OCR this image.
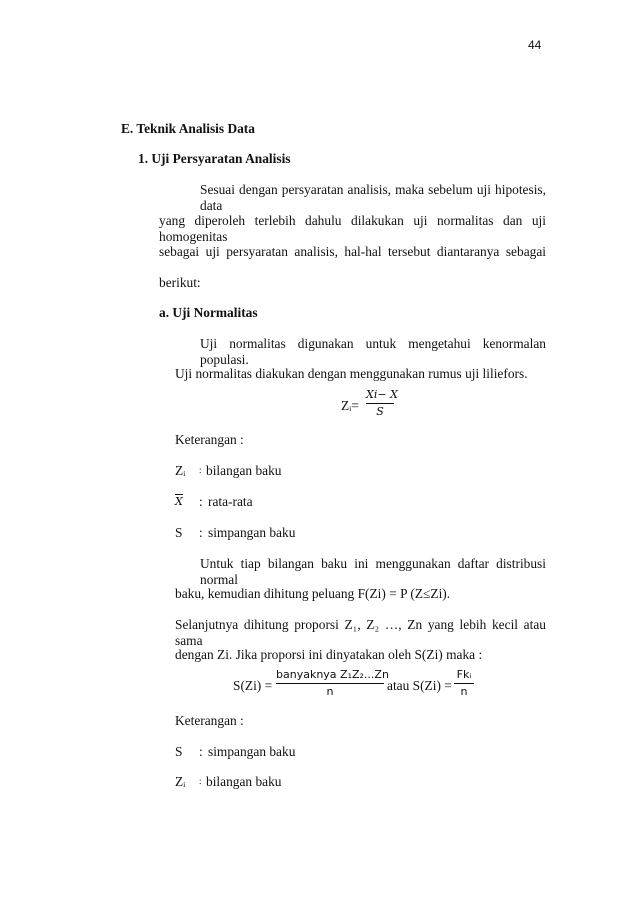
44
E. Teknik Analisis Data
1. Uji Persyaratan Analisis
Sesuai dengan persyaratan analisis, maka sebelum uji hipotesis, data
yang diperoleh terlebih dahulu dilakukan uji normalitas dan uji homogenitas
sebagai uji persyaratan analisis, hal-hal tersebut diantaranya sebagai
berikut:
a. Uji Normalitas
Uji normalitas digunakan untuk mengetahui kenormalan populasi.
Uji normalitas diakukan dengan menggunakan rumus uji liliefors.
Zᵢ=
Xi− X
S
Keterangan :
Zᵢ : bilangan baku
X : rata-rata
S : simpangan baku
Untuk tiap bilangan baku ini menggunakan daftar distribusi normal
baku, kemudian dihitung peluang F(Zi) = P (Z≤Zi).
Selanjutnya dihitung proporsi Z₁, Z₂ …, Zn yang lebih kecil atau sama
dengan Zi. Jika proporsi ini dinyatakan oleh S(Zi) maka :
S(Zi) =
banyaknya Z₁Z₂...Zn
n	atau S(Zi) =
Fkᵢ
n
Keterangan :
S : simpangan baku
Zᵢ : bilangan baku
